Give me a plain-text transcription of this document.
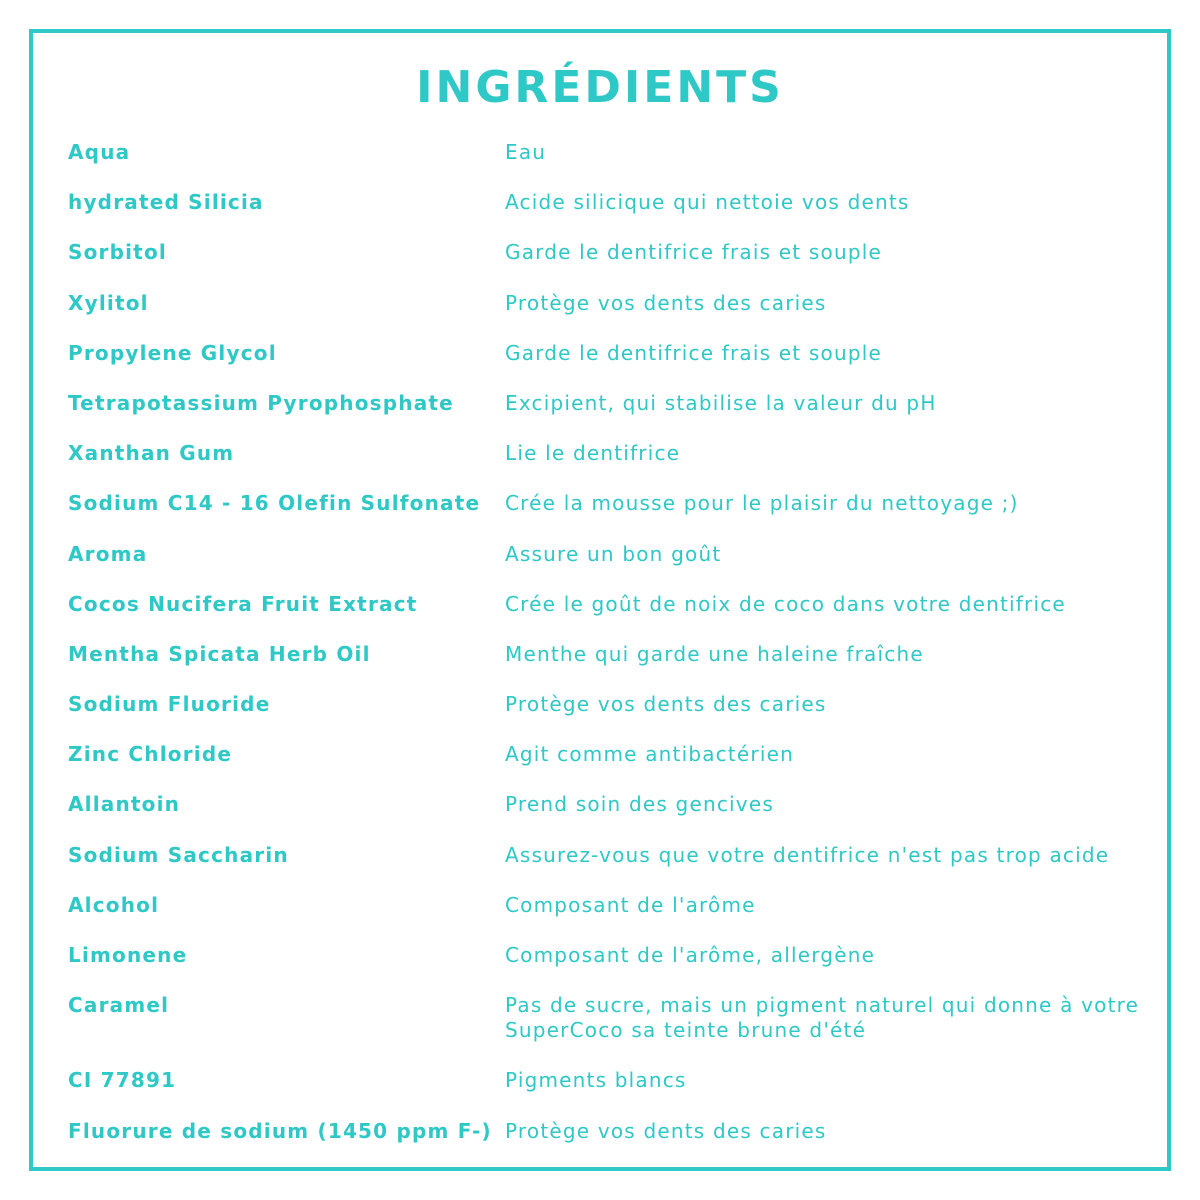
INGRÉDIENTS
Aqua	Eau
hydrated Silicia	Acide silicique qui nettoie vos dents
Sorbitol	Garde le dentifrice frais et souple
Xylitol	Protège vos dents des caries
Propylene Glycol	Garde le dentifrice frais et souple
Tetrapotassium Pyrophosphate	Excipient, qui stabilise la valeur du pH
Xanthan Gum	Lie le dentifrice
Sodium C14 - 16 Olefin Sulfonate	Crée la mousse pour le plaisir du nettoyage ;)
Aroma	Assure un bon goût
Cocos Nucifera Fruit Extract	Crée le goût de noix de coco dans votre dentifrice
Mentha Spicata Herb Oil	Menthe qui garde une haleine fraîche
Sodium Fluoride	Protège vos dents des caries
Zinc Chloride	Agit comme antibactérien
Allantoin	Prend soin des gencives
Sodium Saccharin	Assurez-vous que votre dentifrice n'est pas trop acide
Alcohol	Composant de l'arôme
Limonene	Composant de l'arôme, allergène
Caramel	Pas de sucre, mais un pigment naturel qui donne à votre SuperCoco sa teinte brune d'été
CI 77891	Pigments blancs
Fluorure de sodium (1450 ppm F-) Protège vos dents des caries
